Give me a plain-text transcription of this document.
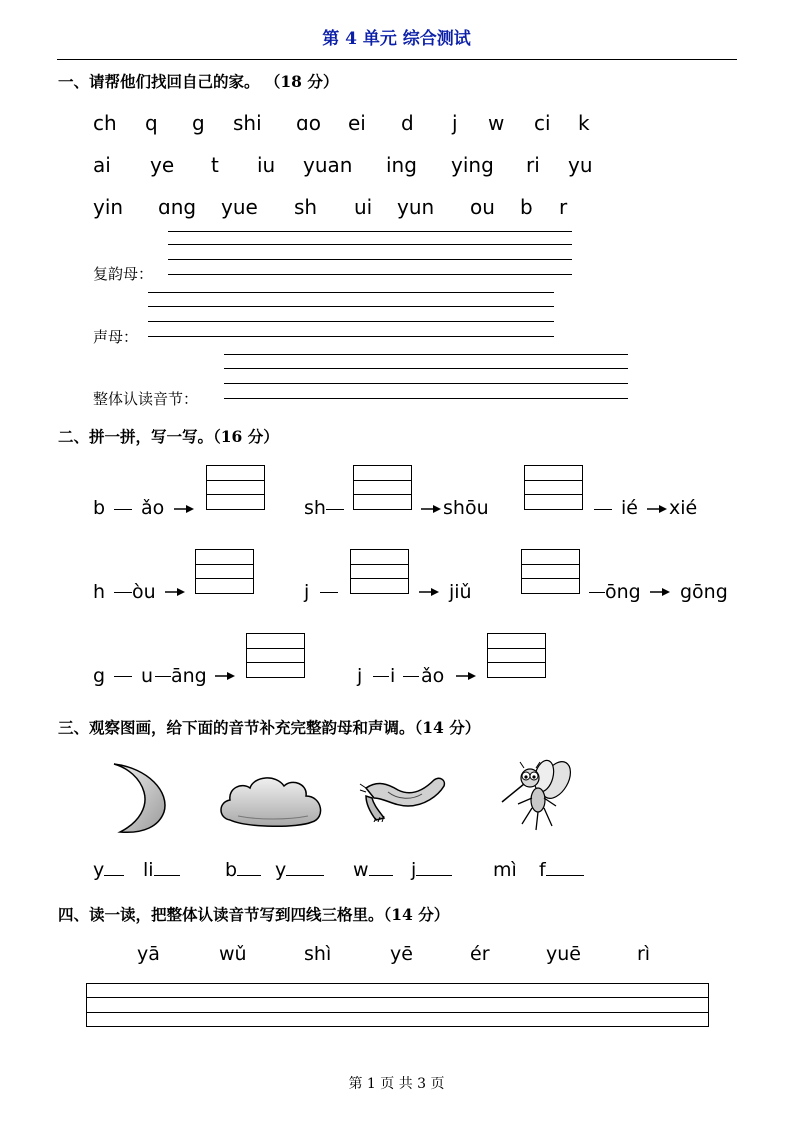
第 4 单元 综合测试
一、请帮他们找回自己的家。 （18 分）
ch q g shi ɑo ei d j w ci k
ai ye t iu yuan ing ying ri yu
yin ɑng yue sh ui yun ou b r
复韵母：
声母：
整体认读音节：
二、拼一拼，写一写。（16 分）
b ǎo	sh	shōu	ié xié
h òu	j	jiǔ	ōng gōng
g u āng	j i ǎo
三、观察图画，给下面的音节补充完整韵母和声调。（14 分）
y	li	b	y	w	j	mì f
四、读一读，把整体认读音节写到四线三格里。（14 分）
yā	wǔ	shì	yē	ér	yuē	rì
第 1 页 共 3 页
